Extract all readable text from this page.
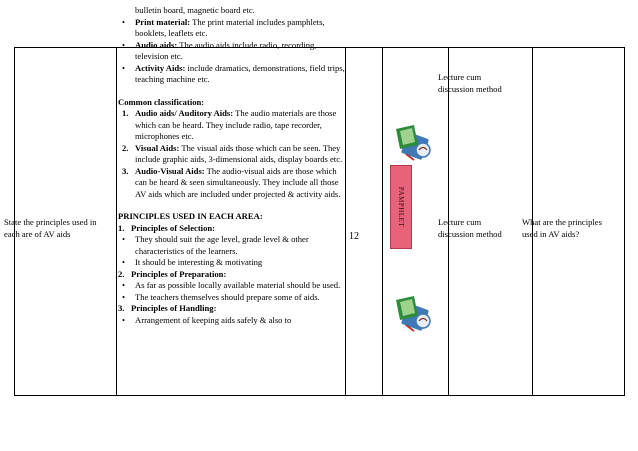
State the principles used in each are of AV aids

bulletin board, magnetic board etc.

• Print material: The print material includes pamphlets, booklets, leaflets etc.

• Audio aids: The audio aids include radio, recording, television etc.

• Activity Aids: include dramatics, demonstrations, field trips, teaching machine etc.

Common classification:

1. Audio aids/ Auditory Aids: The audio materials are those which can be heard. They include radio, tape recorder, microphones etc.

2. Visual Aids: The visual aids those which can be seen. They include graphic aids, 3-dimensional aids, display boards etc.

3. Audio-Visual Aids: The audio-visual aids are those which can be heard & seen simultaneously. They include all those AV aids which are included under projected & activity aids.

PRINCIPLES USED IN EACH AREA:

1. Principles of Selection:

• They should suit the age level, grade level & other characteristics of the learners.

• It should be interesting & motivating

2. Principles of Preparation:

• As far as possible locally available material should be used.

• The teachers themselves should prepare some of aids.

3. Principles of Handling:

• Arrangement of keeping aids safely & also to

12
PAMPHLET
Lecture cum discussion method
Lecture cum discussion method
What are the principles used in AV aids?
